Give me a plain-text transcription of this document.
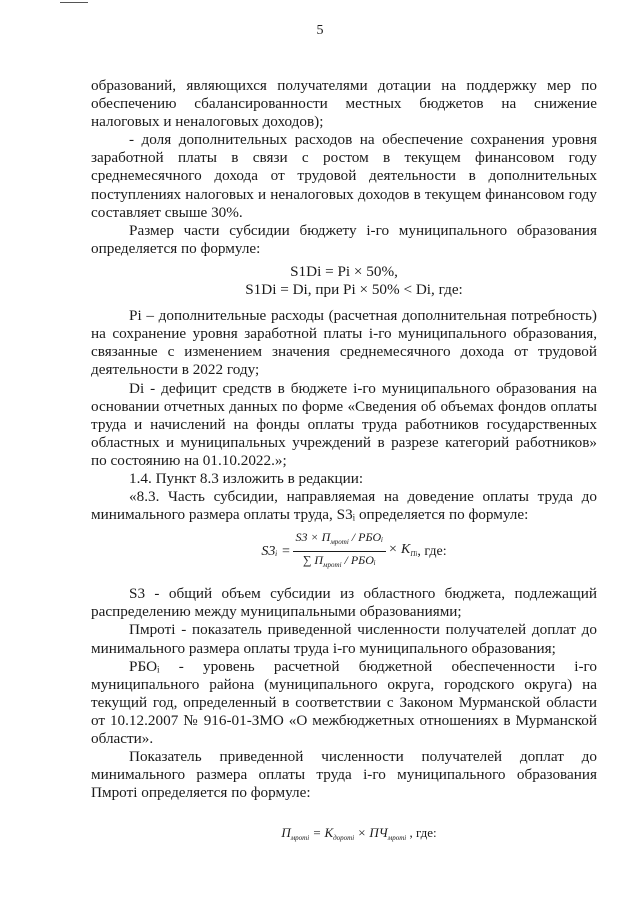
5

образований, являющихся получателями дотации на поддержку мер по обеспечению сбалансированности местных бюджетов на снижение налоговых и неналоговых доходов);

- доля дополнительных расходов на обеспечение сохранения уровня заработной платы в связи с ростом в текущем финансовом году среднемесячного дохода от трудовой деятельности в дополнительных поступлениях налоговых и неналоговых доходов в текущем финансовом году составляет свыше 30%.

Размер части субсидии бюджету i-го муниципального образования определяется по формуле:

S1Di = Pi × 50%,

S1Di = Di, при Pi × 50% < Di, где:

Pi – дополнительные расходы (расчетная дополнительная потребность) на сохранение уровня заработной платы i-го муниципального образования, связанные с изменением значения среднемесячного дохода от трудовой деятельности в 2022 году;

Di - дефицит средств в бюджете i-го муниципального образования на основании отчетных данных по форме «Сведения об объемах фондов оплаты труда и начислений на фонды оплаты труда работников государственных областных и муниципальных учреждений в разрезе категорий работников» по состоянию на 01.10.2022.»;

1.4. Пункт 8.3 изложить в редакции:

«8.3. Часть субсидии, направляемая на доведение оплаты труда до минимального размера оплаты труда, S3ᵢ определяется по формуле:

S3ᵢ = $\frac{S3 \times П_{мротi} / РБОᵢ}{\sum П_{мротi} / РБОᵢ} \times К_{Пi}$ , где:

S3 - общий объем субсидии из областного бюджета, подлежащий распределению между муниципальными образованиями;

Пмротi - показатель приведенной численности получателей доплат до минимального размера оплаты труда i-го муниципального образования;

РБОᵢ - уровень расчетной бюджетной обеспеченности i-го муниципального района (муниципального округа, городского округа) на текущий год, определенный в соответствии с Законом Мурманской области от 10.12.2007 № 916-01-ЗМО «О межбюджетных отношениях в Мурманской области».

Показатель приведенной численности получателей доплат до минимального размера оплаты труда i-го муниципального образования Пмротi определяется по формуле:

$П_{мротi} = К_{доротi} \times ПЧ_{мротi}$ , где:
